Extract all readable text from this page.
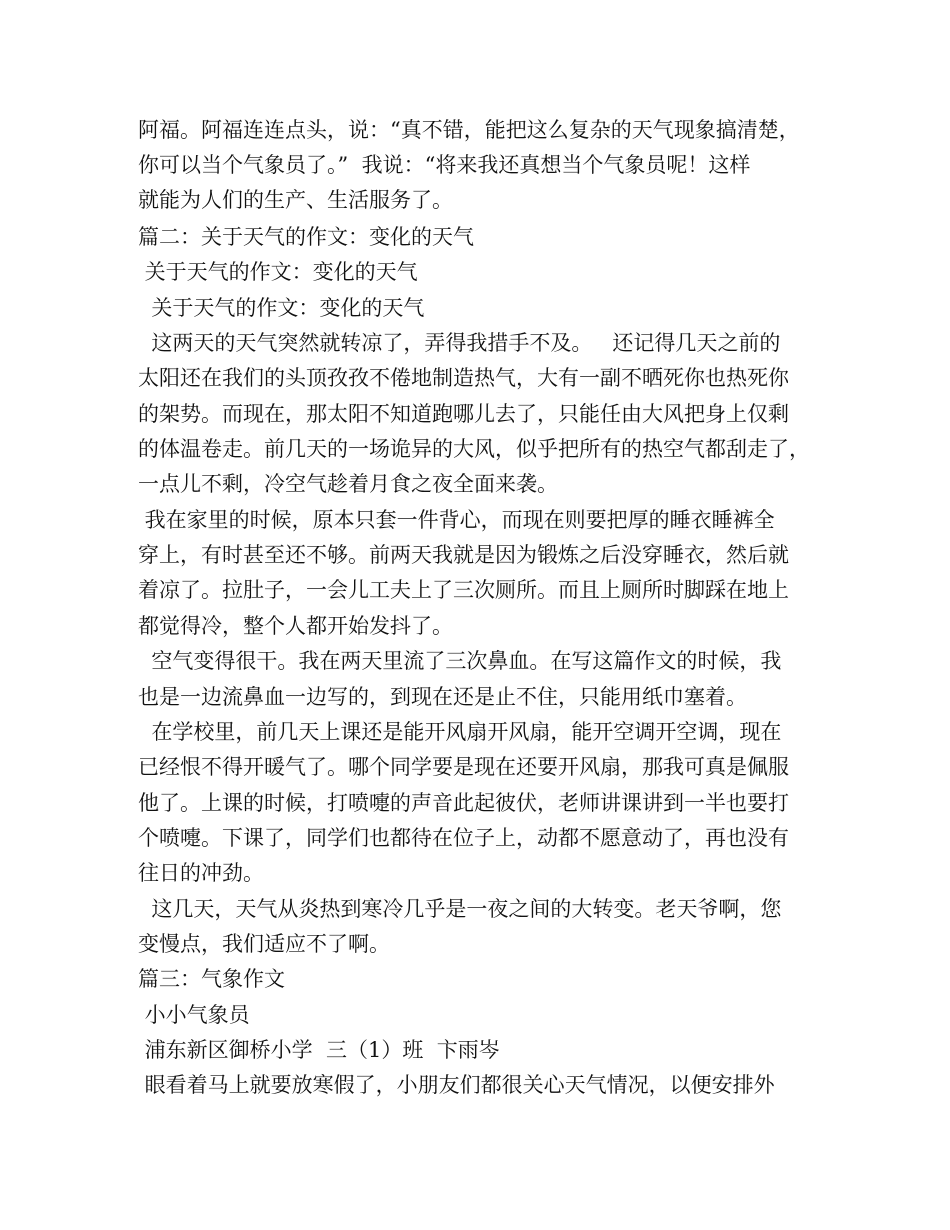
阿福。阿福连连点头，说：“真不错，能把这么复杂的天气现象搞清楚，
你可以当个气象员了。”  我说：“将来我还真想当个气象员呢！这样
就能为人们的生产、生活服务了。
篇二：关于天气的作文：变化的天气
关于天气的作文：变化的天气
关于天气的作文：变化的天气
这两天的天气突然就转凉了，弄得我措手不及。   还记得几天之前的
太阳还在我们的头顶孜孜不倦地制造热气，大有一副不晒死你也热死你
的架势。而现在，那太阳不知道跑哪儿去了，只能任由大风把身上仅剩
的体温卷走。前几天的一场诡异的大风，似乎把所有的热空气都刮走了，
一点儿不剩，冷空气趁着月食之夜全面来袭。
我在家里的时候，原本只套一件背心，而现在则要把厚的睡衣睡裤全
穿上，有时甚至还不够。前两天我就是因为锻炼之后没穿睡衣，然后就
着凉了。拉肚子，一会儿工夫上了三次厕所。而且上厕所时脚踩在地上
都觉得冷，整个人都开始发抖了。
空气变得很干。我在两天里流了三次鼻血。在写这篇作文的时候，我
也是一边流鼻血一边写的，到现在还是止不住，只能用纸巾塞着。
在学校里，前几天上课还是能开风扇开风扇，能开空调开空调，现在
已经恨不得开暖气了。哪个同学要是现在还要开风扇，那我可真是佩服
他了。上课的时候，打喷嚏的声音此起彼伏，老师讲课讲到一半也要打
个喷嚏。下课了，同学们也都待在位子上，动都不愿意动了，再也没有
往日的冲劲。
这几天，天气从炎热到寒冷几乎是一夜之间的大转变。老天爷啊，您
变慢点，我们适应不了啊。
篇三：气象作文
小小气象员
浦东新区御桥小学  三（1）班  卞雨岑
眼看着马上就要放寒假了，小朋友们都很关心天气情况，以便安排外
